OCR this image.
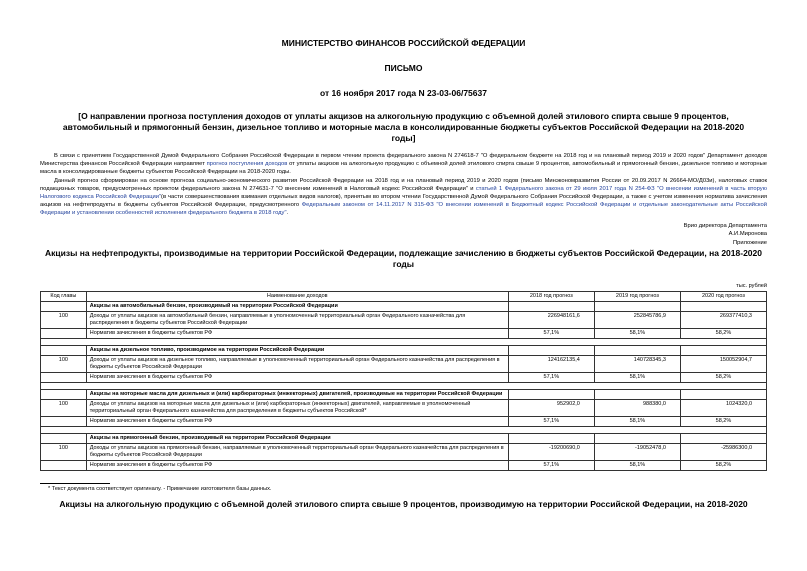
МИНИСТЕРСТВО ФИНАНСОВ РОССИЙСКОЙ ФЕДЕРАЦИИ
ПИСЬМО
от 16 ноября 2017 года N 23-03-06/75637
[О направлении прогноза поступления доходов от уплаты акцизов на алкогольную продукцию с объемной долей этилового спирта свыше 9 процентов, автомобильный и прямогонный бензин, дизельное топливо и моторные масла в консолидированные бюджеты субъектов Российской Федерации на 2018-2020 годы]

В связи с принятием Государственной Думой Федерального Собрания Российской Федерации в первом чтении проекта федерального закона N 274618-7 "О федеральном бюджете на 2018 год и на плановый период 2019 и 2020 годов" Департамент доходов Министерства финансов Российской Федерации направляет прогноз поступления доходов от уплаты акцизов на алкогольную продукцию с объемной долей этилового спирта свыше 9 процентов, автомобильный и прямогонный бензин, дизельное топливо и моторные масла в консолидированные бюджеты субъектов Российской Федерации на 2018-2020 годы.

Данный прогноз сформирован на основе прогноза социально-экономического развития Российской Федерации на 2018 год и на плановый период 2019 и 2020 годов (письмо Минэкономразвития России от 20.09.2017 N 26664-МО/Д03и), налоговых ставок подакцизных товаров, предусмотренных проектом федерального закона N 274631-7 "О внесении изменений в Налоговый кодекс Российской Федерации" и статьей 1 Федерального закона от 29 июля 2017 года N 254-ФЗ "О внесении изменений в часть вторую Налогового кодекса Российской Федерации"(в части совершенствования взимания отдельных видов налогов), принятым во втором чтении Государственной Думой Федерального Собрания Российской Федерации, а также с учетом изменения норматива зачисления акцизов на нефтепродукты в бюджеты субъектов Российской Федерации, предусмотренного Федеральным законом от 14.11.2017 N 315-ФЗ "О внесении изменений в Бюджетный кодекс Российской Федерации и отдельные законодательные акты Российской Федерации и установлении особенностей исполнения федерального бюджета в 2018 году".

Врио директора Департамента
А.И.Миронова
Приложение
Акцизы на нефтепродукты, производимые на территории Российской Федерации, подлежащие зачислению в бюджеты субъектов Российской Федерации, на 2018-2020 годы
тыс. рублей
Код главы	Наименование доходов	2018 год прогноз	2019 год прогноз	2020 год прогноз
	Акцизы на автомобильный бензин, производимый на территории Российской Федерации			
100	Доходы от уплаты акцизов на автомобильный бензин, направляемые в уполномоченный территориальный орган Федерального казначейства для распределения в бюджеты субъектов Российской Федерации	226948161,6	252845786,9	269377410,3
	Норматив зачисления в бюджеты субъектов РФ	57,1%	58,1%	58,2%

	Акцизы на дизельное топливо, производимое на территории Российской Федерации			
100	Доходы от уплаты акцизов на дизельное топливо, направляемые в уполномоченный территориальный орган Федерального казначейства для распределения в бюджеты субъектов Российской Федерации	124162135,4	140728345,3	150052904,7
	Норматив зачисления в бюджеты субъектов РФ	57,1%	58,1%	58,2%

	Акцизы на моторные масла для дизельных и (или) карбюраторных (инжекторных) двигателей, производимые на территории Российской Федерации			
100	Доходы от уплаты акцизов на моторные масла для дизельных и (или) карбюраторных (инжекторных) двигателей, направляемые в уполномоченный территориальный орган Федерального казначейства для распределения в бюджеты субъектов Российской*	952902,0	988380,0	1024320,0
	Норматив зачисления в бюджеты субъектов РФ	57,1%	58,1%	58,2%

	Акцизы на прямогонный бензин, производимый на территории Российской Федерации			
100	Доходы от уплаты акцизов на прямогонный бензин, направляемые в уполномоченный территориальный орган Федерального казначейства для распределения в бюджеты субъектов Российской Федерации	-19200690,0	-19052478,0	-25986300,0
	Норматив зачисления в бюджеты субъектов РФ	57,1%	58,1%	58,2%
* Текст документа соответствует оригиналу. - Примечание изготовителя базы данных.
Акцизы на алкогольную продукцию с объемной долей этилового спирта свыше 9 процентов, производимую на территории Российской Федерации, на 2018-2020
